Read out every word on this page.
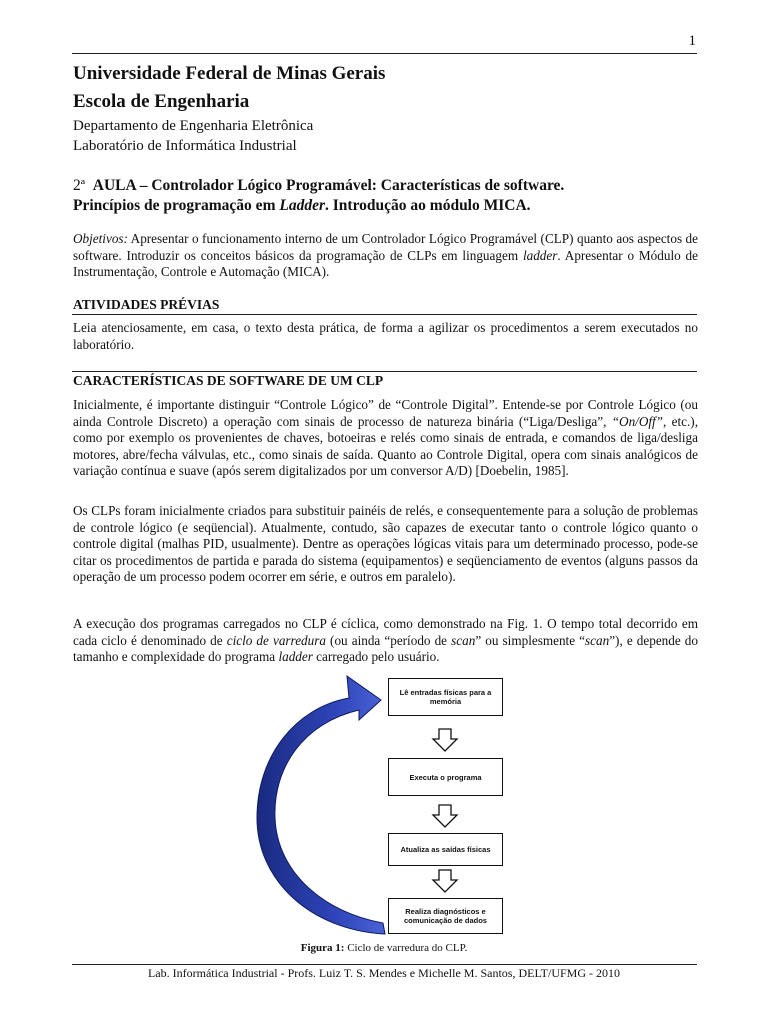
1
Universidade Federal de Minas Gerais
Escola de Engenharia
Departamento de Engenharia Eletrônica
Laboratório de Informática Industrial
2ª AULA – Controlador Lógico Programável: Características de software.
Princípios de programação em Ladder. Introdução ao módulo MICA.
Objetivos: Apresentar o funcionamento interno de um Controlador Lógico Programável (CLP) quanto aos aspectos de software. Introduzir os conceitos básicos da programação de CLPs em linguagem ladder. Apresentar o Módulo de Instrumentação, Controle e Automação (MICA).
ATIVIDADES PRÉVIAS
Leia atenciosamente, em casa, o texto desta prática, de forma a agilizar os procedimentos a serem executados no laboratório.
CARACTERÍSTICAS DE SOFTWARE DE UM CLP
Inicialmente, é importante distinguir “Controle Lógico” de “Controle Digital”. Entende-se por Controle Lógico (ou ainda Controle Discreto) a operação com sinais de processo de natureza binária (“Liga/Desliga”, “On/Off”, etc.), como por exemplo os provenientes de chaves, botoeiras e relés como sinais de entrada, e comandos de liga/desliga motores, abre/fecha válvulas, etc., como sinais de saída. Quanto ao Controle Digital, opera com sinais analógicos de variação contínua e suave (após serem digitalizados por um conversor A/D) [Doebelin, 1985].
Os CLPs foram inicialmente criados para substituir painéis de relés, e consequentemente para a solução de problemas de controle lógico (e seqüencial). Atualmente, contudo, são capazes de executar tanto o controle lógico quanto o controle digital (malhas PID, usualmente). Dentre as operações lógicas vitais para um determinado processo, pode-se citar os procedimentos de partida e parada do sistema (equipamentos) e seqüenciamento de eventos (alguns passos da operação de um processo podem ocorrer em série, e outros em paralelo).
A execução dos programas carregados no CLP é cíclica, como demonstrado na Fig. 1. O tempo total decorrido em cada ciclo é denominado de ciclo de varredura (ou ainda “período de scan” ou simplesmente “scan”), e depende do tamanho e complexidade do programa ladder carregado pelo usuário.
Lê entradas físicas para a memória
Executa o programa
Atualiza as saídas físicas
Realiza diagnósticos e comunicação de dados
Figura 1: Ciclo de varredura do CLP.
Lab. Informática Industrial - Profs. Luiz T. S. Mendes e Michelle M. Santos, DELT/UFMG - 2010
